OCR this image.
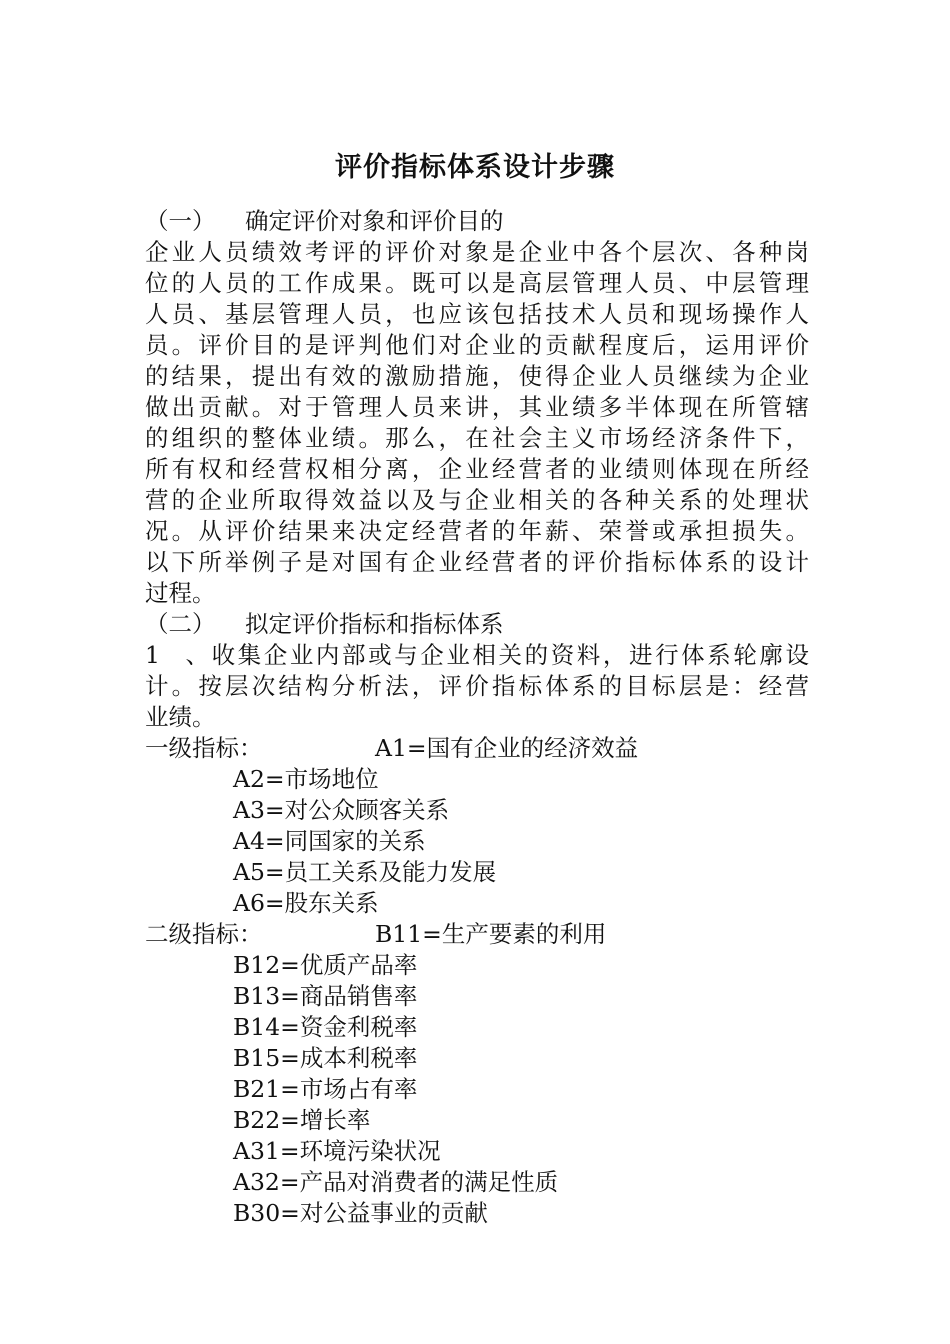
评价指标体系设计步骤
（一） 确定评价对象和评价目的
企业人员绩效考评的评价对象是企业中各个层次、各种岗
位的人员的工作成果。既可以是高层管理人员、中层管理
人员、基层管理人员，也应该包括技术人员和现场操作人
员。评价目的是评判他们对企业的贡献程度后，运用评价
的结果，提出有效的激励措施，使得企业人员继续为企业
做出贡献。对于管理人员来讲，其业绩多半体现在所管辖
的组织的整体业绩。那么，在社会主义市场经济条件下，
所有权和经营权相分离，企业经营者的业绩则体现在所经
营的企业所取得效益以及与企业相关的各种关系的处理状
况。从评价结果来决定经营者的年薪、荣誉或承担损失。
以下所举例子是对国有企业经营者的评价指标体系的设计
过程。
（二） 拟定评价指标和指标体系
1、收集企业内部或与企业相关的资料，进行体系轮廓设
计。按层次结构分析法，评价指标体系的目标层是：经营
业绩。
一级指标：	A1=国有企业的经济效益
A2=市场地位
A3=对公众顾客关系
A4=同国家的关系
A5=员工关系及能力发展
A6=股东关系
二级指标：	B11=生产要素的利用
B12=优质产品率
B13=商品销售率
B14=资金利税率
B15=成本利税率
B21=市场占有率
B22=增长率
A31=环境污染状况
A32=产品对消费者的满足性质
B30=对公益事业的贡献
